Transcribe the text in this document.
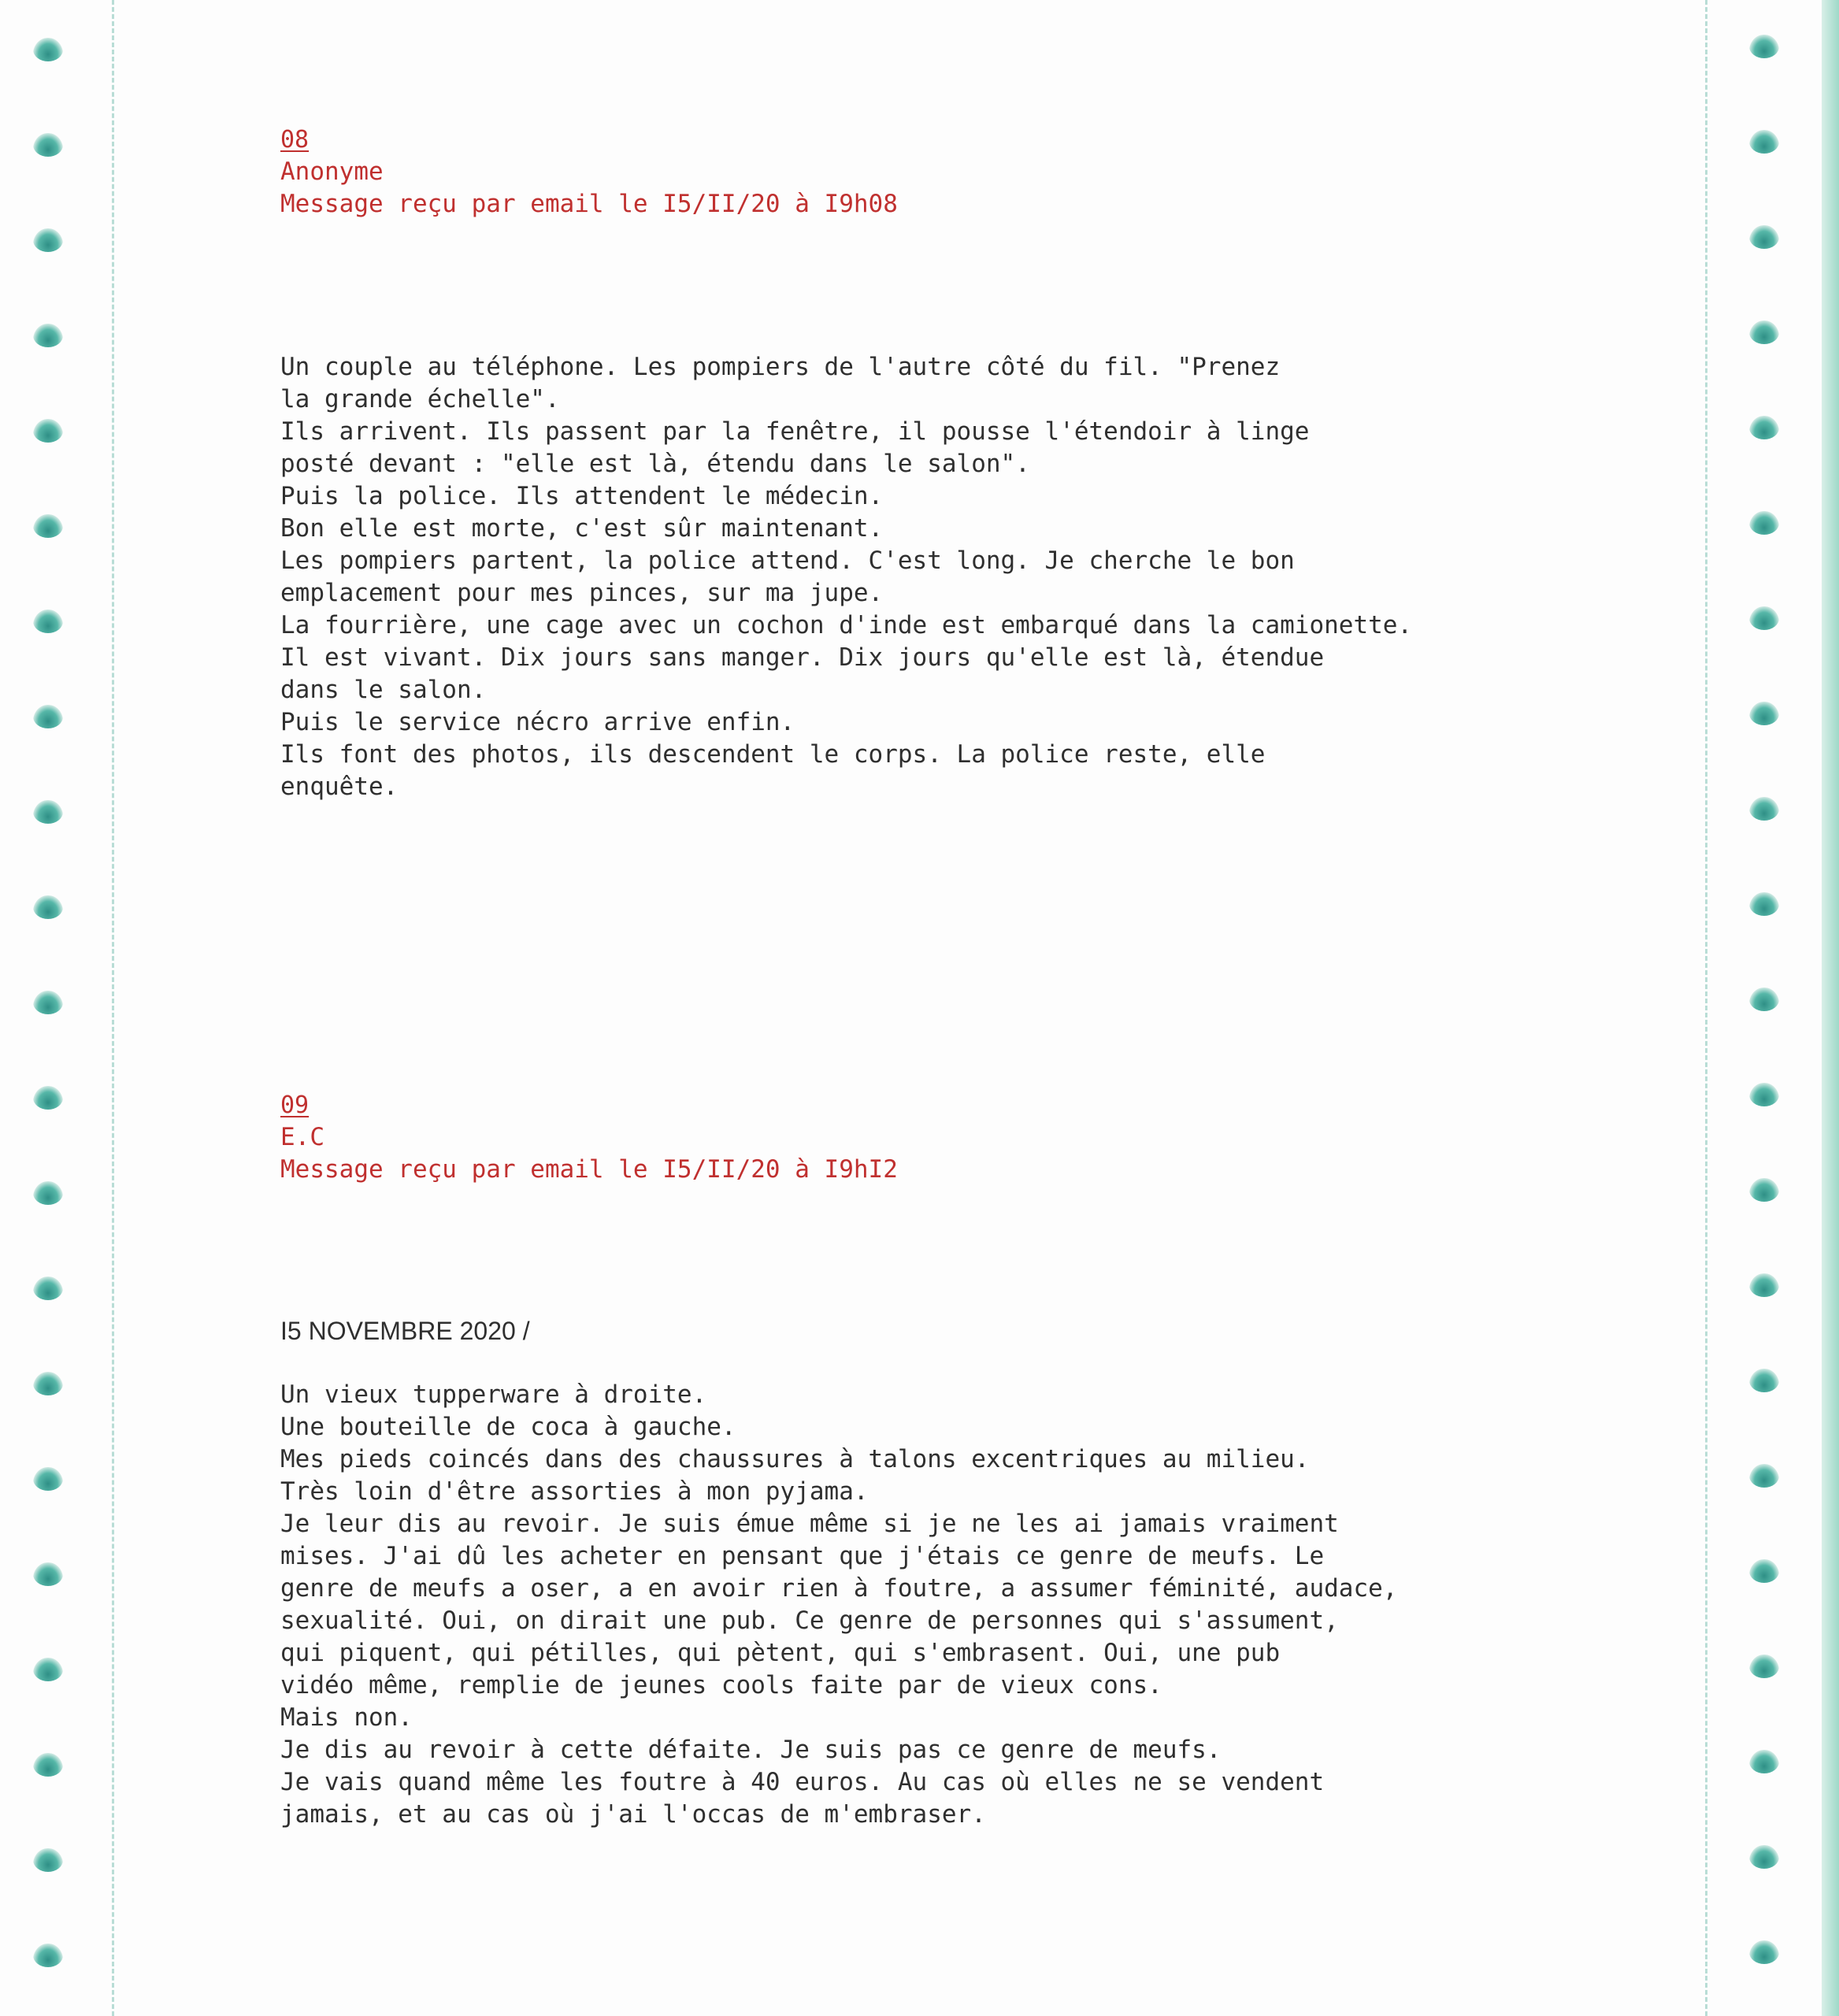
08
Anonyme
Message reçu par email le I5/II/20 à I9h08
Un couple au téléphone. Les pompiers de l'autre côté du fil. "Prenez
la grande échelle".
Ils arrivent. Ils passent par la fenêtre, il pousse l'étendoir à linge
posté devant : "elle est là, étendu dans le salon".
Puis la police. Ils attendent le médecin.
Bon elle est morte, c'est sûr maintenant.
Les pompiers partent, la police attend. C'est long. Je cherche le bon
emplacement pour mes pinces, sur ma jupe.
La fourrière, une cage avec un cochon d'inde est embarqué dans la camionette.
Il est vivant. Dix jours sans manger. Dix jours qu'elle est là, étendue
dans le salon.
Puis le service nécro arrive enfin.
Ils font des photos, ils descendent le corps. La police reste, elle
enquête.
09
E.C
Message reçu par email le I5/II/20 à I9hI2
I5 NOVEMBRE 2020 /
Un vieux tupperware à droite.
Une bouteille de coca à gauche.
Mes pieds coincés dans des chaussures à talons excentriques au milieu.
Très loin d'être assorties à mon pyjama.
Je leur dis au revoir. Je suis émue même si je ne les ai jamais vraiment
mises. J'ai dû les acheter en pensant que j'étais ce genre de meufs. Le
genre de meufs a oser, a en avoir rien à foutre, a assumer féminité, audace,
sexualité. Oui, on dirait une pub. Ce genre de personnes qui s'assument,
qui piquent, qui pétilles, qui pètent, qui s'embrasent. Oui, une pub
vidéo même, remplie de jeunes cools faite par de vieux cons.
Mais non.
Je dis au revoir à cette défaite. Je suis pas ce genre de meufs.
Je vais quand même les foutre à 40 euros. Au cas où elles ne se vendent
jamais, et au cas où j'ai l'occas de m'embraser.
